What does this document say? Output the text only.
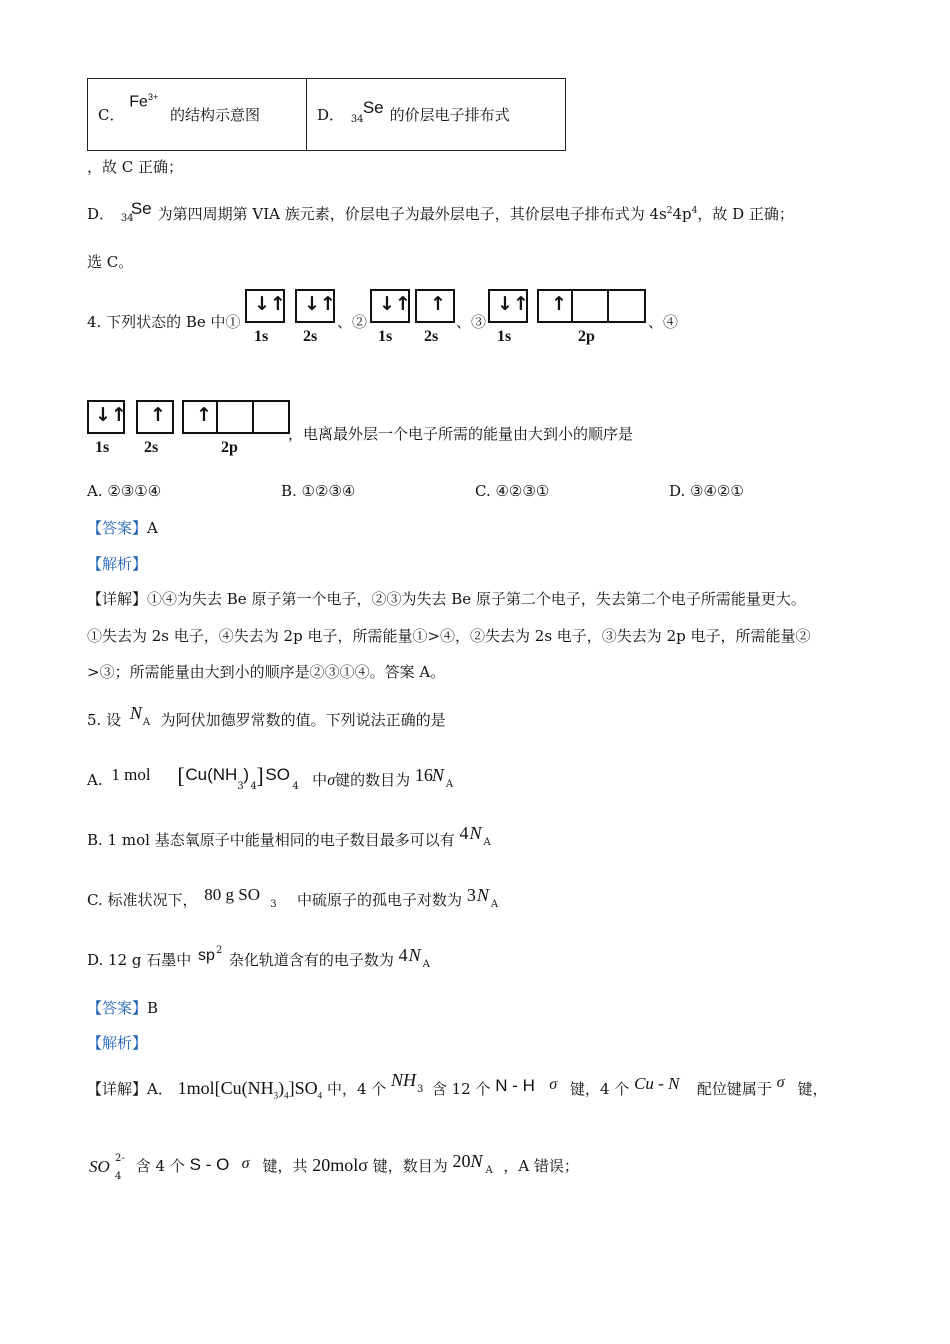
C．
$Fe^{3+}$
的结构示意图	D． 34
Se 的价层电子排布式
，故 C 正确；
D． 34
Se 为第四周期第 VIA 族元素，价层电子为最外层电子，其价层电子排布式为 $4s^24p^4$，故 D 正确；
选 C。
4. 下列状态的 Be 中①
↓↑
1s
↓↑
2s
、②
↓↑
1s
↑
2s
、③
↓↑
1s
↑
2p
、④
↓↑
1s
↑
2s
↑
2p
，电离最外层一个电子所需的能量由大到小的顺序是
A. ②③①④	B. ①②③④	C. ④②③①	D. ③④②①
【答案】A
【解析】
【详解】①④为失去 Be 原子第一个电子，②③为失去 Be 原子第二个电子，失去第二个电子所需能量更大。
①失去为 2s 电子，④失去为 2p 电子，所需能量①>④，②失去为 2s 电子，③失去为 2p 电子，所需能量②
>③；所需能量由大到小的顺序是②③①④。答案 A。
5. 设 N A 为阿伏加德罗常数的值。下列说法正确的是
A. 1 mol [ Cu(NH
3
)
4 ] SO
4 中σ键的数目为 16 N A
B. 1 mol 基态氧原子中能量相同的电子数目最多可以有 4 N A
C. 标准状况下， 80 g SO
3 中硫原子的孤电子对数为 3 N A
D. 12 g 石墨中 sp 2
杂化轨道含有的电子数为 4 N A
【答案】B
【解析】
【详解】A． $1mol[Cu(NH_3)_4]SO_4$ 中，4 个 NH 3 含 12 个 N - H σ 键，4 个 Cu - N 配位键属于 σ 键，
SO 2-
4
含 4 个 S - O σ 键，共 20molσ 键，数目为 20 N A ，A 错误；
